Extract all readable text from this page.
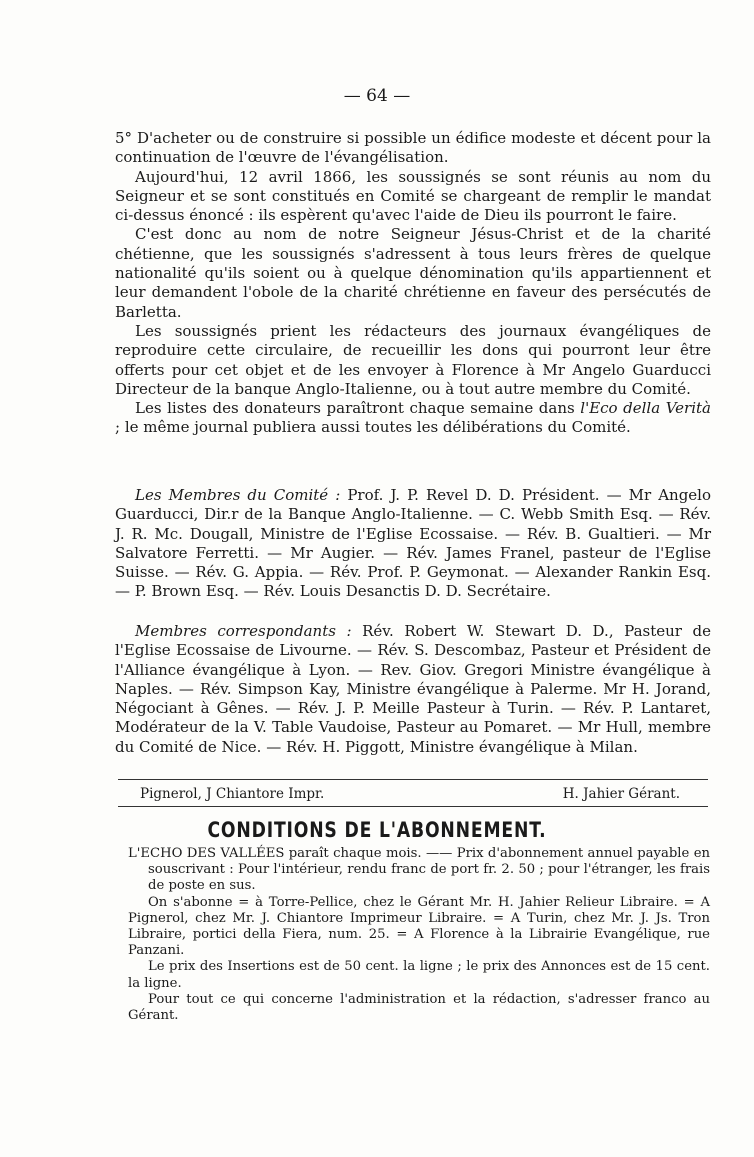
— 64 —

5° D'acheter ou de construire si possible un édifice modeste et décent pour la continuation de l'œuvre de l'évangélisation.

Aujourd'hui, 12 avril 1866, les soussignés se sont réunis au nom du Seigneur et se sont constitués en Comité se chargeant de remplir le mandat ci-dessus énoncé : ils espèrent qu'avec l'aide de Dieu ils pourront le faire.

C'est donc au nom de notre Seigneur Jésus-Christ et de la charité chétienne, que les soussignés s'adressent à tous leurs frères de quelque nationalité qu'ils soient ou à quelque dénomination qu'ils appartiennent et leur demandent l'obole de la charité chrétienne en faveur des persécutés de Barletta.

Les soussignés prient les rédacteurs des journaux évangéliques de reproduire cette circulaire, de recueillir les dons qui pourront leur être offerts pour cet objet et de les envoyer à Florence à Mr Angelo Guarducci Directeur de la banque Anglo-Italienne, ou à tout autre membre du Comité.

Les listes des donateurs paraîtront chaque semaine dans l'Eco della Verità ; le même journal publiera aussi toutes les délibérations du Comité.

Les Membres du Comité : Prof. J. P. Revel D. D. Président. — Mr Angelo Guarducci, Dir.r de la Banque Anglo-Italienne. — C. Webb Smith Esq. — Rév. J. R. Mc. Dougall, Ministre de l'Eglise Ecossaise. — Rév. B. Gualtieri. — Mr Salvatore Ferretti. — Mr Augier. — Rév. James Franel, pasteur de l'Eglise Suisse. — Rév. G. Appia. — Rév. Prof. P. Geymonat. — Alexander Rankin Esq. — P. Brown Esq. — Rév. Louis Desanctis D. D. Secrétaire.

Membres correspondants : Rév. Robert W. Stewart D. D., Pasteur de l'Eglise Ecossaise de Livourne. — Rév. S. Descombaz, Pasteur et Président de l'Alliance évangélique à Lyon. — Rev. Giov. Gregori Ministre évangélique à Naples. — Rév. Simpson Kay, Ministre évangélique à Palerme. Mr H. Jorand, Négociant à Gênes. — Rév. J. P. Meille Pasteur à Turin. — Rév. P. Lantaret, Modérateur de la V. Table Vaudoise, Pasteur au Pomaret. — Mr Hull, membre du Comité de Nice. — Rév. H. Piggott, Ministre évangélique à Milan.

Pignerol, J Chiantore Impr.	H. Jahier Gérant.
CONDITIONS DE L'ABONNEMENT.

L'ECHO DES VALLÉES paraît chaque mois. —— Prix d'abonnement annuel payable en souscrivant : Pour l'intérieur, rendu franc de port fr. 2. 50 ; pour l'étranger, les frais de poste en sus.

On s'abonne = à Torre-Pellice, chez le Gérant Mr. H. Jahier Relieur Libraire. = A Pignerol, chez Mr. J. Chiantore Imprimeur Libraire. = A Turin, chez Mr. J. Js. Tron Libraire, portici della Fiera, num. 25. = A Florence à la Librairie Evangélique, rue Panzani.

Le prix des Insertions est de 50 cent. la ligne ; le prix des Annonces est de 15 cent. la ligne.

Pour tout ce qui concerne l'administration et la rédaction, s'adresser franco au Gérant.
